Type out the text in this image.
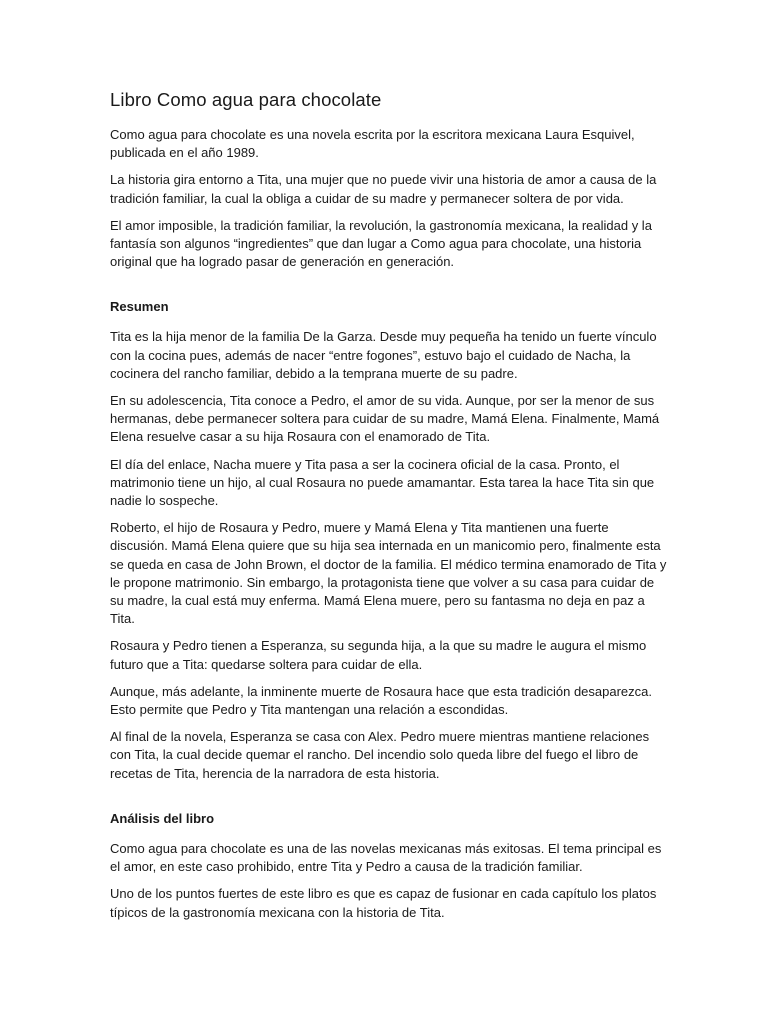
Libro Como agua para chocolate

Como agua para chocolate es una novela escrita por la escritora mexicana Laura Esquivel, publicada en el año 1989.

La historia gira entorno a Tita, una mujer que no puede vivir una historia de amor a causa de la tradición familiar, la cual la obliga a cuidar de su madre y permanecer soltera de por vida.

El amor imposible, la tradición familiar, la revolución, la gastronomía mexicana, la realidad y la fantasía son algunos “ingredientes” que dan lugar a Como agua para chocolate, una historia original que ha logrado pasar de generación en generación.

Resumen

Tita es la hija menor de la familia De la Garza. Desde muy pequeña ha tenido un fuerte vínculo con la cocina pues, además de nacer “entre fogones”, estuvo bajo el cuidado de Nacha, la cocinera del rancho familiar, debido a la temprana muerte de su padre.

En su adolescencia, Tita conoce a Pedro, el amor de su vida. Aunque, por ser la menor de sus hermanas, debe permanecer soltera para cuidar de su madre, Mamá Elena. Finalmente, Mamá Elena resuelve casar a su hija Rosaura con el enamorado de Tita.

El día del enlace, Nacha muere y Tita pasa a ser la cocinera oficial de la casa. Pronto, el matrimonio tiene un hijo, al cual Rosaura no puede amamantar. Esta tarea la hace Tita sin que nadie lo sospeche.

Roberto, el hijo de Rosaura y Pedro, muere y Mamá Elena y Tita mantienen una fuerte discusión. Mamá Elena quiere que su hija sea internada en un manicomio pero, finalmente esta se queda en casa de John Brown, el doctor de la familia. El médico termina enamorado de Tita y le propone matrimonio. Sin embargo, la protagonista tiene que volver a su casa para cuidar de su madre, la cual está muy enferma. Mamá Elena muere, pero su fantasma no deja en paz a Tita.

Rosaura y Pedro tienen a Esperanza, su segunda hija, a la que su madre le augura el mismo futuro que a Tita: quedarse soltera para cuidar de ella.

Aunque, más adelante, la inminente muerte de Rosaura hace que esta tradición desaparezca. Esto permite que Pedro y Tita mantengan una relación a escondidas.

Al final de la novela, Esperanza se casa con Alex. Pedro muere mientras mantiene relaciones con Tita, la cual decide quemar el rancho. Del incendio solo queda libre del fuego el libro de recetas de Tita, herencia de la narradora de esta historia.

Análisis del libro

Como agua para chocolate es una de las novelas mexicanas más exitosas. El tema principal es el amor, en este caso prohibido, entre Tita y Pedro a causa de la tradición familiar.

Uno de los puntos fuertes de este libro es que es capaz de fusionar en cada capítulo los platos típicos de la gastronomía mexicana con la historia de Tita.
